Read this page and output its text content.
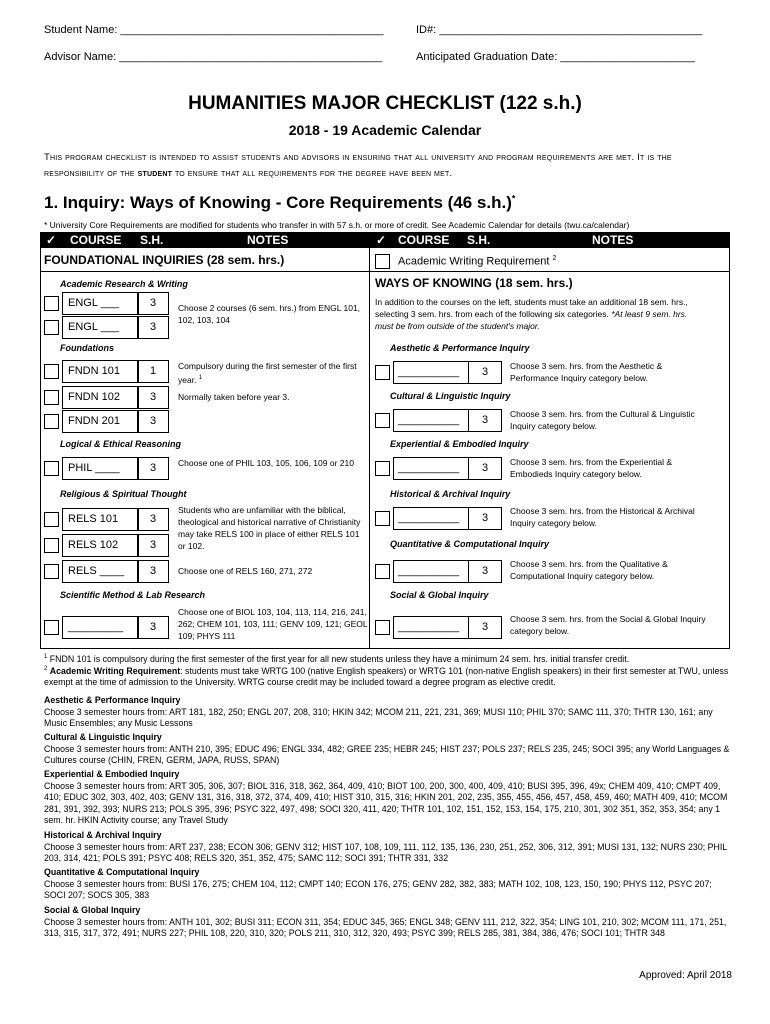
Student Name: ___________________________________________	ID#: ___________________________________________
Advisor Name: ___________________________________________	Anticipated Graduation Date: ______________________
HUMANITIES MAJOR CHECKLIST (122 s.h.)
2018 - 19 Academic Calendar
This program checklist is intended to assist students and advisors in ensuring that all university and program requirements are met. It is the responsibility of the student to ensure that all requirements for the degree have been met.
1. Inquiry: Ways of Knowing - Core Requirements (46 s.h.)*
* University Core Requirements are modified for students who transfer in with 57 s.h. or more of credit. See Academic Calendar for details (twu.ca/calendar)
✓ COURSE S.H.	NOTES	✓ COURSE S.H.	NOTES
FOUNDATIONAL INQUIRIES (28 sem. hrs.)
Academic Research & Writing
ENGL ___	3
ENGL ___	3
Choose 2 courses (6 sem. hrs.) from ENGL 101, 102, 103, 104
Foundations
FNDN 101	1	Compulsory during the first semester of the first year. $^1$
FNDN 102	3	Normally taken before year 3.
FNDN 201	3
Logical & Ethical Reasoning
PHIL ____	3	Choose one of PHIL 103, 105, 106, 109 or 210
Religious & Spiritual Thought
RELS 101	3
RELS 102	3
Students who are unfamiliar with the biblical, theological and historical narrative of Christianity may take RELS 100 in place of either RELS 101 or 102.
RELS ____	3	Choose one of RELS 160, 271, 272
Scientific Method & Lab Research
_________	3
Choose one of BIOL 103, 104, 113, 114, 216, 241, 262; CHEM 101, 103, 111; GENV 109, 121; GEOL 109; PHYS 111
Academic Writing Requirement $^2$
WAYS OF KNOWING (18 sem. hrs.)
In addition to the courses on the left, students must take an additional 18 sem. hrs., selecting 3 sem. hrs. from each of the following six categories. *At least 9 sem. hrs. must be from outside of the student's major.
Aesthetic & Performance Inquiry
__________	3	Choose 3 sem. hrs. from the Aesthetic & Performance Inquiry category below.
Cultural & Linguistic Inquiry
__________	3	Choose 3 sem. hrs. from the Cultural & Linguistic Inquiry category below.
Experiential & Embodied Inquiry
__________	3	Choose 3 sem. hrs. from the Experiential & Embodieds Inquiry category below.
Historical & Archival Inquiry
__________	3
Choose 3 sem. hrs. from the Historical & Archival Inquiry category below.
Quantitative & Computational Inquiry
__________	3
Choose 3 sem. hrs. from the Qualitative & Computational Inquiry category below.
Social & Global Inquiry
__________	3
Choose 3 sem. hrs. from the Social & Global Inquiry category below.
$^1$ FNDN 101 is compulsory during the first semester of the first year for all new students unless they have a minimum 24 sem. hrs. initial transfer credit.
$^2$ Academic Writing Requirement: students must take WRTG 100 (native English speakers) or WRTG 101 (non-native English speakers) in their first semester at TWU, unless exempt at the time of admission to the University. WRTG course credit may be included toward a degree program as elective credit.
Aesthetic & Performance Inquiry
Choose 3 semester hours from: ART 181, 182, 250; ENGL 207, 208, 310; HKIN 342; MCOM 211, 221, 231, 369; MUSI 110; PHIL 370; SAMC 111, 370; THTR 130, 161; any Music Ensembles; any Music Lessons
Cultural & Linguistic Inquiry
Choose 3 semester hours from: ANTH 210, 395; EDUC 496; ENGL 334, 482; GREE 235; HEBR 245; HIST 237; POLS 237; RELS 235, 245; SOCI 395; any World Languages & Cultures course (CHIN, FREN, GERM, JAPA, RUSS, SPAN)
Experiential & Embodied Inquiry
Choose 3 semester hours from: ART 305, 306, 307; BIOL 316, 318, 362, 364, 409, 410; BIOT 100, 200, 300, 400, 409, 410; BUSI 395, 396, 49x; CHEM 409, 410; CMPT 409, 410; EDUC 302, 303, 402, 403; GENV 131, 316, 318, 372, 374, 409, 410; HIST 310, 315, 316; HKIN 201, 202, 235, 355, 455, 456, 457, 458, 459, 460; MATH 409, 410; MCOM 281, 391, 392, 393; NURS 213; POLS 395, 396; PSYC 322, 497, 498; SOCI 320, 411, 420; THTR 101, 102, 151, 152, 153, 154, 175, 210, 301, 302 351, 352, 353, 354; any 1 sem. hr. HKIN Activity course; any Travel Study
Historical & Archival Inquiry
Choose 3 semester hours from: ART 237, 238; ECON 306; GENV 312; HIST 107, 108, 109, 111, 112, 135, 136, 230, 251, 252, 306, 312, 391; MUSI 131, 132; NURS 230; PHIL 203, 314, 421; POLS 391; PSYC 408; RELS 320, 351, 352, 475; SAMC 112; SOCI 391; THTR 331, 332
Quantitative & Computational Inquiry
Choose 3 semester hours from: BUSI 176, 275; CHEM 104, 112; CMPT 140; ECON 176, 275; GENV 282, 382, 383; MATH 102, 108, 123, 150, 190; PHYS 112, PSYC 207; SOCI 207; SOCS 305, 383
Social & Global Inquiry
Choose 3 semester hours from: ANTH 101, 302; BUSI 311; ECON 311, 354; EDUC 345, 365; ENGL 348; GENV 111, 212, 322, 354; LING 101, 210, 302; MCOM 111, 171, 251, 313, 315, 317, 372, 491; NURS 227; PHIL 108, 220, 310, 320; POLS 211, 310, 312, 320, 493; PSYC 399; RELS 285, 381, 384, 386, 476; SOCI 101; THTR 348
Approved: April 2018
